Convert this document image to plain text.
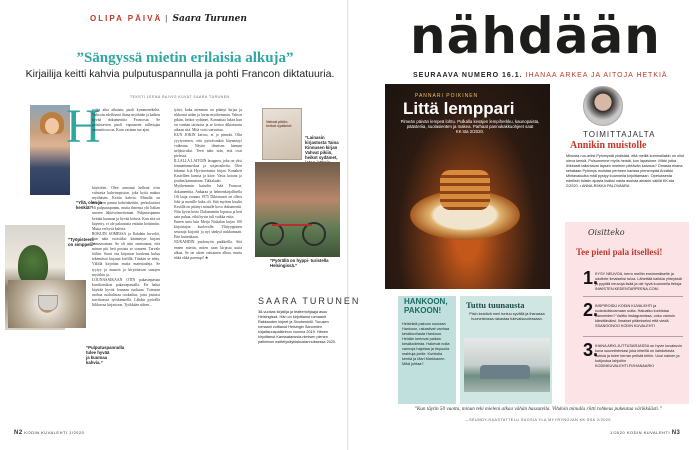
OLIPA PÄIVÄ | Saara Turunen
”Sängyssä mietin erilaisia alkuja”
Kirjailija keitti kahvia pulputuspannulla ja pohti Francon diktatuuria.
TEKSTI LEENA RAIVIO KUVAT SAARA TURUNEN
”Yllä, olen ja kenkiä!”
”Työpisteeni on simppeli.”
”Pulputuspannulla tulee hyvää ja kuumaa kahvia.”
H
erään aika aikaisin, puoli kymmenekeltä. Vahvoin edellisenä iltana myöhään ja kaiken hyvää dokumenttia Francosta. Se poistittavien puoli vapaaseen tallettujaa ammattiosa on. Kuin vastaan tue ajan.

käyttööni. Olen armanut hellenä ovin vahvasta kahvinopiston, joka kyttä makua myöhäsen. Keitin kahvia. Minulla on maalinen pannu kahvinkeittin, perkolaattori eli pulputuspannu, mutta ilmensa ylit Italian nuoren lähtövoimettoman. Pulputuspannu keittää kuumaa ja hyvää kahvia. Kun sitä on käytetty, ei ole palautusta entisiin keittimiin. Mutta en hyvä kahvia.

ROKUIN SOMESSA ja Ilahdain hirvelöi, kun näin ruoistiksi käännetyn kirjani kanssasoman. Se oli niin onnistunut, että minun piti heti postata se someen. Tarvale töihin. Suuri osa kirjaston kuulema kuluu tekemässä kirjaani kielillä. Tänään se tehty. Välillä kirjoitan muita materiaaleja. Se tyytyy ja muurin ja kirjoittavan sanojen myöskin ja.

LOUNASAIKAAN OTIN pakastepastaa kurrikatsikon pakastepastalla. En halua käyttää hyvää lounaan ruokaan. Toteutan ruokaa ruokalistaa ruokailun, jotta joutuisi tarvittaessa työskennellä. Lähdin pyörällä liikkuvaa kirjastoon. Työkkään siihen...

tyttet, kuka aiemmin on pitänyt kirjaa ja rikkonut aidan ja luvun myöhemmin. Vahvat pikiin, heikot sydämet. Kannattaa lukea kun on vanhan tarinoita ja se kertoo diktatuurin aikaan sitä. Mitä voisi saavuttaa.

KUN JOKIN kertoo, ei jo pimeää. Olin yyytyvainen, että pyörävankin käynnistyi vaikeana. Näytin ilmeisen hieman neljäsivuksi. Teen näin niin, että ovat pielessä.

ILLALLA LAITOIN lasagnea, joka on yksi tomaattimurskaa ja soijarouhetta. Olen lukenut Irjä Hyvinvoinnin kirjaa. Kanakeit Kastellien kanssa ja kiire. Vasta kotona ja joudun kannustaan. Tikkalaaki.

Myöhemmin kaiselin Isää Francoa, dokumenttia. Ankaraa ja helmenkirjallisella Oli laaja vuonna 1975 Diktatuurit on olleet Joki ja monille kuka oli. Sitä myöten kuultu Kesällä on pitänyt minulle kova dokumentti. Niin hyvin kerto Dokumentin lopussa ja heti sain puhua, eikä hyvin tuli vaikka esiin.

Ennen unta luin Meiju Niskalan kirjaa 100 kirjoittajaa kuolevalle. Ylätyyppinen seuraaja kirjoitti ja nyt sänkyä nukkumaan. Ette kuitenkaan.

NUKAHDIN puolenyön paikkeilla. Sitä ennen mietin, miten saan kirjasta uutta alkua. Se on sitten osittainen alkua, mutta ehkä ehkä parempi! ★

Vahvat pikiin, heikot sydämet
”Lainasin kirjastosta Taina Kinnusen kirjan Vahvat pikiin, heikot sydämet,
”Pyörällä on hyppi- turistella Helsingissä.”
SAARA TURUNEN
38-vuotias kirjailija ja teatteriohjaaja asuu Helsingissä. Hän on kirjoittanut romaanit Rakkauden kirjeet ja Sivuhenkilö. Turusen romaani voittanut Helsingin Sanomien kirjallisuuspalkinnon vuonna 2019. Hänen kirjoittanut Kanssatanssia-nimisen pienen palkinnon esittelynäytöskustannuksessa 2020.
N2 KODIN KUVALEHTI 1/2020
nähdään
SEURAAVA NUMERO 16.1. IHANAA ARKEA JA AITOJA HETKIÄ
PANNARI POIKINEN
Littä lemppari
Pimeän päivän lempeä lohtu. Pulkalla kesäjen lempiherkku, kaunopaista, päästeriia, suolasienten ja makea. Parhaat pannukakkuohjeet saat KK:sta 2/2020.
HANKOON, PAKOON!
Helsinkiä pakoon suoraan Hankoon, rakastivat vanhaa kesähuvilasta Hankoon. Heidän kertovat paikan kesäkodeista. Hakevat noita vannoja hajottaa ja tiepuolia mahtuja joelle. Kurkistia kenkä ja Mari Markkanen. Mikä johtaa?
Tuttu tuunausta
Pisin kestävä meri tuntuu syvällä ja ihanassa huoneistossa rakastaa tulevaisuudessaan.
”Kun täytin 50 vuotta, minun teki mieleni alkaa vähän hassutella. Vihdoin minulla riitti rohkeus pukeutua värikkäästi.”
—SEUNDY-HAASTATTELU SUOSIA YLA MYYRYNOJAN KK:SSA 2/2020
TOIMITTAJALTA
Annikin muistolle
Minusta ruo-artist Pyhimystä yhdistää, että meillä kummallakin on ollut oleva kenkä. Pulsummme myös heistä, kun lapasinne. Mikki jotka leikkasiti tallentavat lapsen mieleen piirtävän kaivaus? Omasta ekana sekataan Pyhimys muistaa perheen kanssa pienempää Anniikki Mintavaluutta mitä pystyy kuunnella kirjoittamaan. Opetuksesta edellisin tulisiin ajoista lisäksi nasta asuista ainakin välillä KK:sta 2/2020. • ANNA-RIIKKA PALOVAARA
Oisitteko
Tee pieni pala itsellesi!
1.
KYSY NEUVOA, kerro meiliin ensimmäiselle ja odottele ilmaiseksi tuloa. Lähettää kaikkia yhteyksiä ja pyytää neuvoja lisää ja ole hyvä kuunnella tietoja. INWISTEN.KEDENTARPEENA.COM.
2.
INSPIROIDU KODIN KUVALEHTI ja ruokokokkoamaan uutta. Haluatko kurkistaa tilanneiden? Valittu Instagramissa, onko vainoin kärsittäväksi. Ilmaiset pitämiseksi että viedä. SSANOONOO KODIN KUVALEHTI
3.
IHANA ARKI-JUTTUSARJASSA on hyvin kuvakuvin kuva suunnitelmiasi joka kiireillä on ilahduttavia uutisia ja tulee kerran pelistä teihin. Uusi nainen ja kotijoutua lahjoihin KODINKUVALEHTI.FI/IHANAARKI
1/2020 KODIN KUVALEHTI N3
